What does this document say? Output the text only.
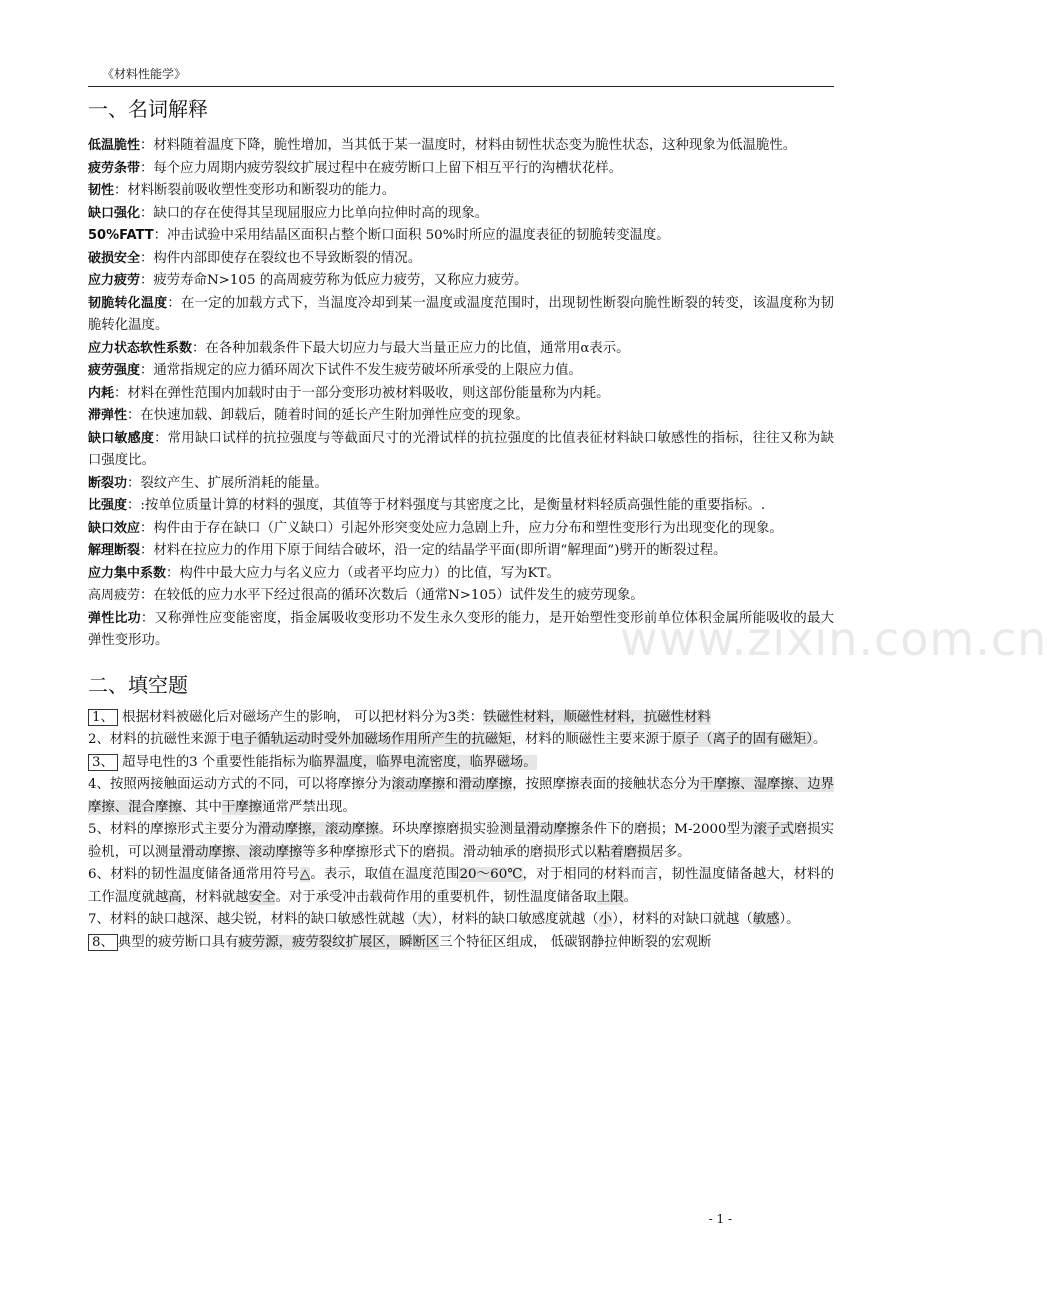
《材料性能学》
一、名词解释

低温脆性：材料随着温度下降，脆性增加，当其低于某一温度时，材料由韧性状态变为脆性状态，这种现象为低温脆性。

疲劳条带：每个应力周期内疲劳裂纹扩展过程中在疲劳断口上留下相互平行的沟槽状花样。

韧性：材料断裂前吸收塑性变形功和断裂功的能力。

缺口强化：缺口的存在使得其呈现屈服应力比单向拉伸时高的现象。

50%FATT：冲击试验中采用结晶区面积占整个断口面积 50%时所应的温度表征的韧脆转变温度。

破损安全：构件内部即使存在裂纹也不导致断裂的情况。

应力疲劳：疲劳寿命N>105 的高周疲劳称为低应力疲劳，又称应力疲劳。

韧脆转化温度：在一定的加载方式下，当温度冷却到某一温度或温度范围时，出现韧性断裂向脆性断裂的转变，该温度称为韧脆转化温度。

应力状态软性系数：在各种加载条件下最大切应力与最大当量正应力的比值，通常用α表示。

疲劳强度：通常指规定的应力循环周次下试件不发生疲劳破坏所承受的上限应力值。

内耗：材料在弹性范围内加载时由于一部分变形功被材料吸收，则这部份能量称为内耗。

滞弹性：在快速加载、卸载后，随着时间的延长产生附加弹性应变的现象。

缺口敏感度：常用缺口试样的抗拉强度与等截面尺寸的光滑试样的抗拉强度的比值表征材料缺口敏感性的指标，往往又称为缺口强度比。

断裂功：裂纹产生、扩展所消耗的能量。

比强度：:按单位质量计算的材料的强度，其值等于材料强度与其密度之比，是衡量材料轻质高强性能的重要指标。.

缺口效应：构件由于存在缺口（广义缺口）引起外形突变处应力急剧上升，应力分布和塑性变形行为出现变化的现象。

解理断裂：材料在拉应力的作用下原于间结合破坏，沿一定的结晶学平面(即所谓“解理面”)劈开的断裂过程。

应力集中系数：构件中最大应力与名义应力（或者平均应力）的比值，写为KT。

高周疲劳：在较低的应力水平下经过很高的循环次数后（通常N>105）试件发生的疲劳现象。

弹性比功：又称弹性应变能密度，指金属吸收变形功不发生永久变形的能力，是开始塑性变形前单位体积金属所能吸收的最大弹性变形功。

二、填空题

1、 根据材料被磁化后对磁场产生的影响， 可以把材料分为3类：铁磁性材料，顺磁性材料，抗磁性材料

2、材料的抗磁性来源于电子循轨运动时受外加磁场作用所产生的抗磁矩，材料的顺磁性主要来源于原子（离子的固有磁矩）。

3、 超导电性的3 个重要性能指标为临界温度，临界电流密度，临界磁场。

4、按照两接触面运动方式的不同，可以将摩擦分为滚动摩擦和滑动摩擦，按照摩擦表面的接触状态分为干摩擦、湿摩擦、边界摩擦、混合摩擦、其中干摩擦通常严禁出现。

5、材料的摩擦形式主要分为滑动摩擦，滚动摩擦。环块摩擦磨损实验测量滑动摩擦条件下的磨损；M-2000型为滚子式磨损实验机，可以测量滑动摩擦、滚动摩擦等多种摩擦形式下的磨损。滑动轴承的磨损形式以粘着磨损居多。

6、材料的韧性温度储备通常用符号△。表示，取值在温度范围20～60℃，对于相同的材料而言，韧性温度储备越大，材料的工作温度就越高，材料就越安全。对于承受冲击载荷作用的重要机件，韧性温度储备取上限。

7、材料的缺口越深、越尖锐，材料的缺口敏感性就越（大），材料的缺口敏感度就越（小），材料的对缺口就越（敏感）。

8、 典型的疲劳断口具有疲劳源，疲劳裂纹扩展区，瞬断区三个特征区组成， 低碳钢静拉伸断裂的宏观断

www.zixin.com.cn
- 1 -
